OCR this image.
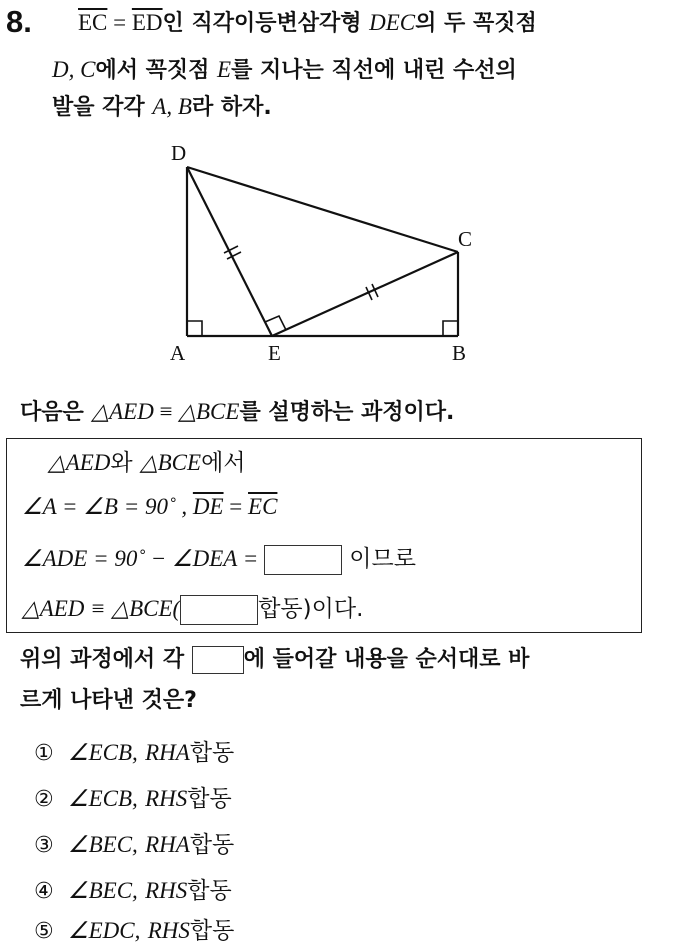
8. $\overline{EC} = \overline{ED}$인 직각이등변삼각형 DEC의 두 꼭짓점
D, C에서 꼭짓점 E를 지나는 직선에 내린 수선의
발을 각각 A, B라 하자.
D
C
A	E	B
다음은 △AED ≡ △BCE를 설명하는 과정이다.
△AED와 △BCE에서
∠A = ∠B = 90˚ , $\overline{DE} = \overline{EC}$
∠ADE = 90˚ − ∠DEA =	이므로
△AED ≡ △BCE(	합동)이다.
위의 과정에서 각 에 들어갈 내용을 순서대로 바
르게 나타낸 것은?
① ∠ECB, RHA합동
② ∠ECB, RHS합동
③ ∠BEC, RHA합동
④ ∠BEC, RHS합동
⑤ ∠EDC, RHS합동
